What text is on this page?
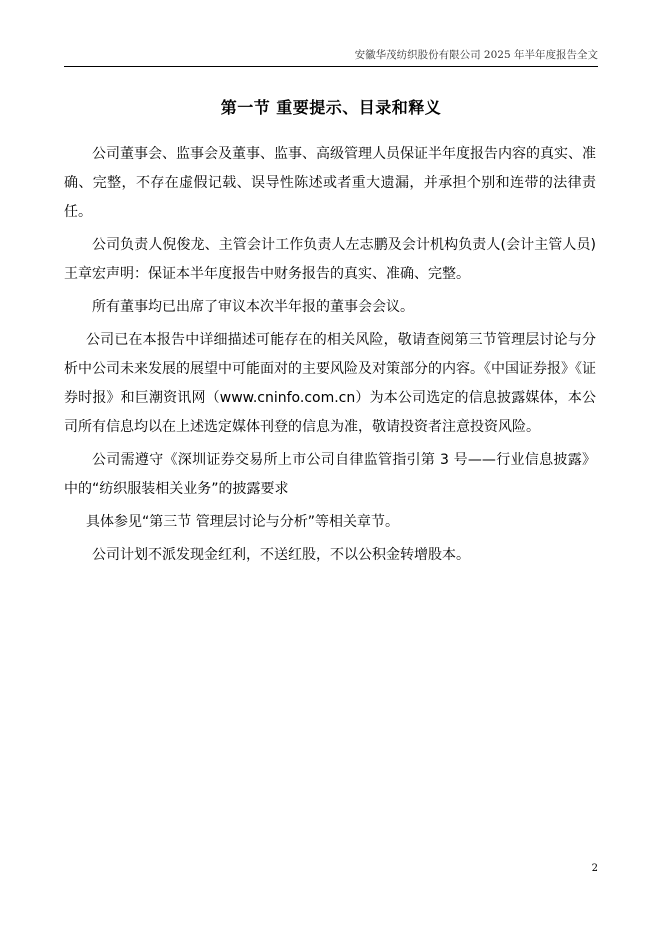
安徽华茂纺织股份有限公司 2025 年半年度报告全文
第一节 重要提示、目录和释义

公司董事会、监事会及董事、监事、高级管理人员保证半年度报告内容的真实、准确、完整，不存在虚假记载、误导性陈述或者重大遗漏，并承担个别和连带的法律责任。

公司负责人倪俊龙、主管会计工作负责人左志鹏及会计机构负责人(会计主管人员)王章宏声明：保证本半年度报告中财务报告的真实、准确、完整。

所有董事均已出席了审议本次半年报的董事会会议。

公司已在本报告中详细描述可能存在的相关风险，敬请查阅第三节管理层讨论与分析中公司未来发展的展望中可能面对的主要风险及对策部分的内容。《中国证券报》《证券时报》和巨潮资讯网（www.cninfo.com.cn）为本公司选定的信息披露媒体，本公司所有信息均以在上述选定媒体刊登的信息为准，敬请投资者注意投资风险。

公司需遵守《深圳证券交易所上市公司自律监管指引第 3 号——行业信息披露》中的“纺织服装相关业务”的披露要求

具体参见“第三节 管理层讨论与分析”等相关章节。

公司计划不派发现金红利，不送红股，不以公积金转增股本。

2
